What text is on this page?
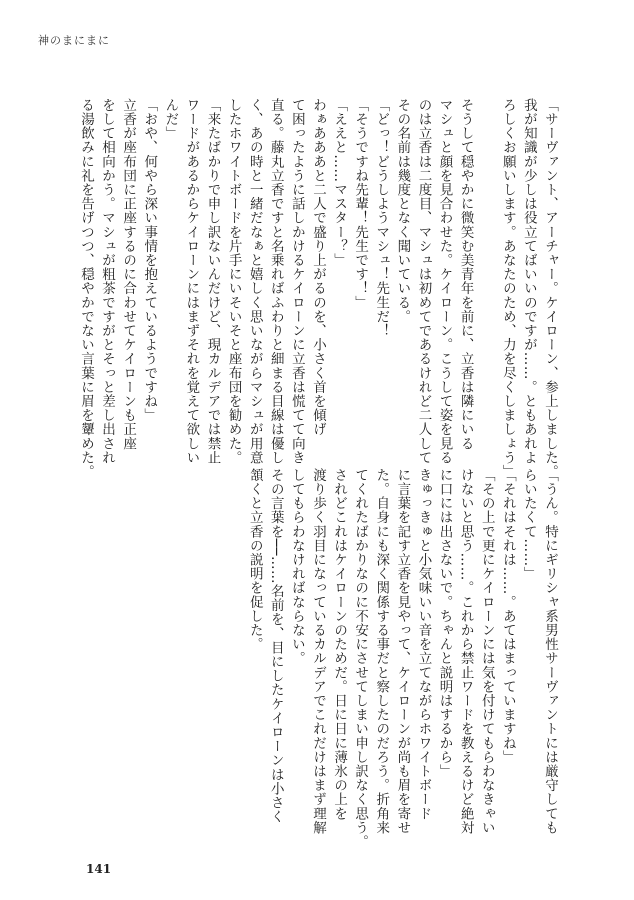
神のまにまに
「サーヴァント、アーチャー。ケイローン、参上しました。
我が知識が少しは役立てばいいのですが……。ともあれよ
ろしくお願いします。あなたのため、力を尽くしましょう」
そうして穏やかに微笑む美青年を前に、立香は隣にいる
マシュと顔を見合わせた。ケイローン。こうして姿を見る
のは立香は二度目、マシュは初めてであるけれど二人して
その名前は幾度となく聞いている。
「どっ！どうしようマシュ！先生だ！
「そうですね先輩！先生です！」
「ええと……マスター？」
わぁあああと二人で盛り上がるのを、小さく首を傾げ
て困ったように話しかけるケイローンに立香は慌てて向き
直る。藤丸立香ですと名乗ればふわりと細まる目線は優し
く、あの時と一緒だなぁと嬉しく思いながらマシュが用意
したホワイトボードを片手にいそいそと座布団を勧めた。
「来たばかりで申し訳ないんだけど、現カルデアでは禁止
ワードがあるからケイローンにはまずそれを覚えて欲しい
んだ」
「おや、何やら深い事情を抱えているようですね」
立香が座布団に正座するのに合わせてケイローンも正座
をして相向かう。マシュが粗茶ですがとそっと差し出され
る湯飲みに礼を告げつつ、穏やかでない言葉に眉を顰めた。
「うん。特にギリシャ系男性サーヴァントには厳守しても
らいたくて……」
「それはそれは……。あてはまっていますね」
「その上で更にケイローンには気を付けてもらわなきゃい
けないと思う……。これから禁止ワードを教えるけど絶対
に口には出さないで。ちゃんと説明はするから」
きゅっきゅと小気味いい音を立てながらホワイトボード
に言葉を記す立香を見やって、ケイローンが尚も眉を寄せ
た。自身にも深く関係する事だと察したのだろう。折角来
てくれたばかりなのに不安にさせてしまい申し訳なく思う。
されどこれはケイローンのためだ。日に日に薄氷の上を
渡り歩く羽目になっているカルデアでこれだけはまず理解
してもらわなければならない。
その言葉を──……名前を、目にしたケイローンは小さく
頷くと立香の説明を促した。
141
